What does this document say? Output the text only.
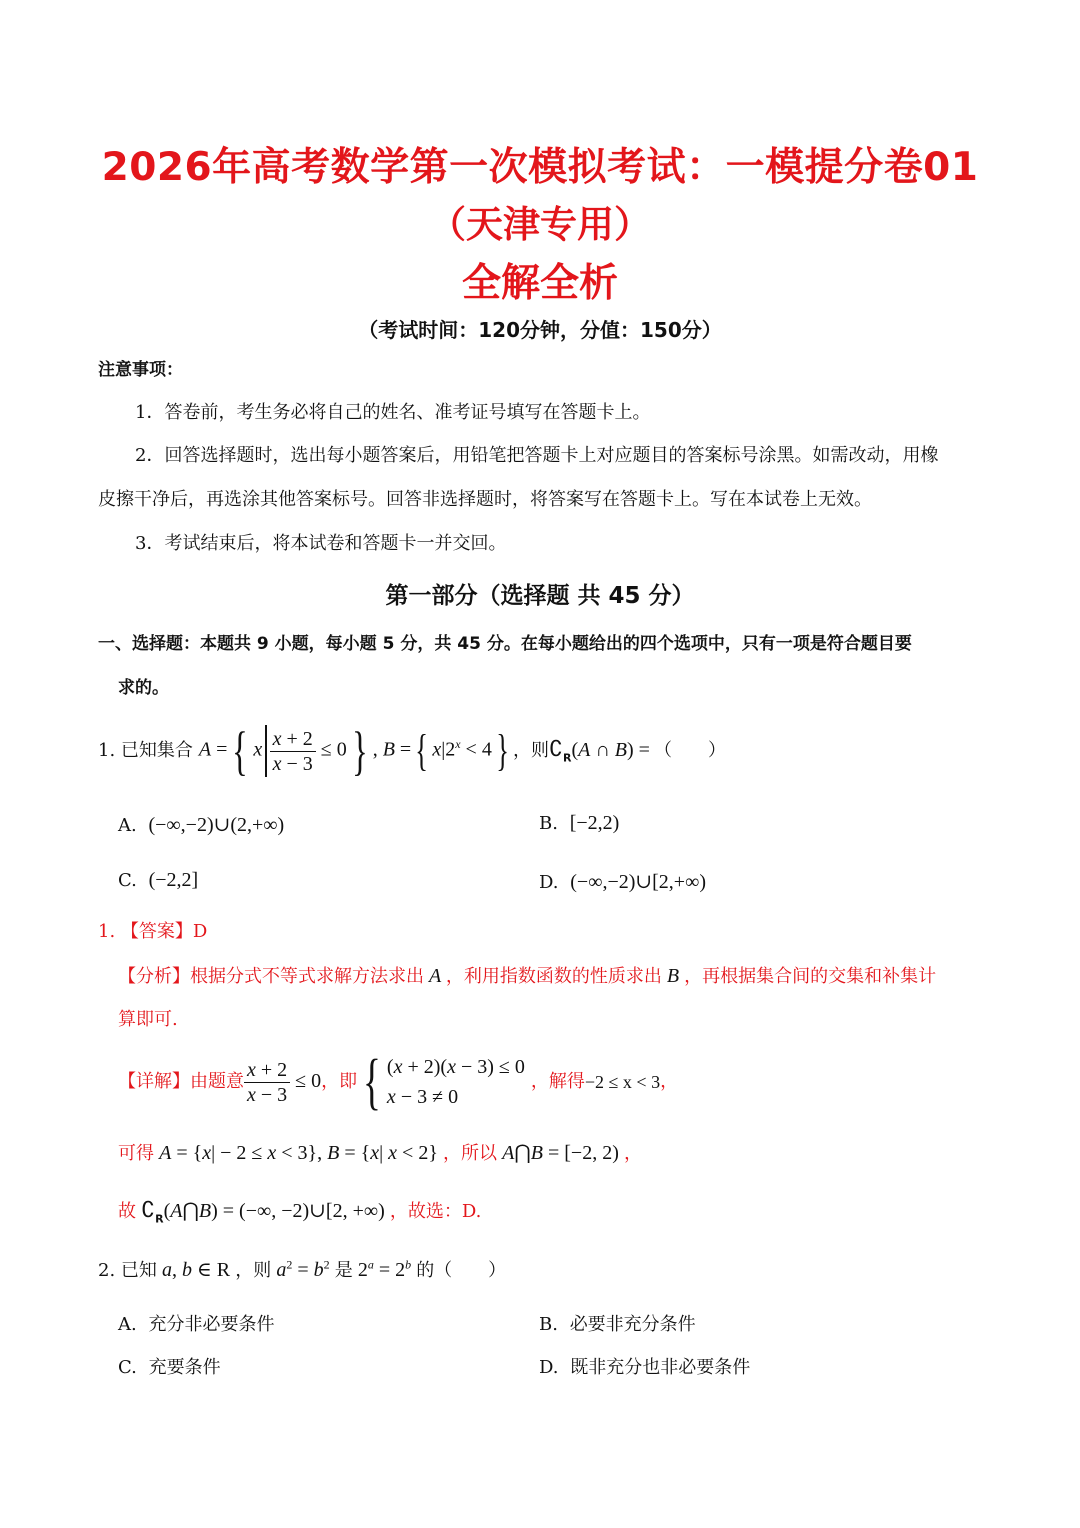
2026年高考数学第一次模拟考试：一模提分卷01
（天津专用）
全解全析
（考试时间：120分钟，分值：150分）
注意事项：
1．答卷前，考生务必将自己的姓名、准考证号填写在答题卡上。
2．回答选择题时，选出每小题答案后，用铅笔把答题卡上对应题目的答案标号涂黑。如需改动，用橡
皮擦干净后，再选涂其他答案标号。回答非选择题时，将答案写在答题卡上。写在本试卷上无效。
3．考试结束后，将本试卷和答题卡一并交回。
第一部分（选择题 共 45 分）
一、选择题：本题共 9 小题，每小题 5 分，共 45 分。在每小题给出的四个选项中，只有一项是符合题目要
求的。
1. 已知集合 A ={ x $\frac{x + 2}{x - 3} \le 0$} , B ={ $x|2^x < 4$} ，则 $∁_R(A$ ∩ B) = （　　）
A. (−∞,−2)∪(2,+∞)	B. [−2,2)
C. (−2,2]	D. (−∞,−2)∪[2,+∞)
1. 【答案】D
【分析】根据分式不等式求解方法求出 A ，利用指数函数的性质求出 B ，再根据集合间的交集和补集计
算即可.
【详解】 由题意 $\frac{x + 2}{x - 3} \le 0$ ，即 { (x + 2)(x − 3) ≤ 0
x − 3 ≠ 0
，解得 −2 ≤ x < 3 ，
可得 A = {x| − 2 ≤ x < 3}, B = {x| x < 2} ，所以 A⋂B = [−2, 2) ，
故 $∁_R(A⋂B)$ = (−∞, −2)∪[2, +∞) ，故选：D.
2. 已知 a, b ∈ R ，则 $a^2 = b^2$ 是 $2^a = 2^b$ 的（　　）
A. 充分非必要条件	B. 必要非充分条件
C. 充要条件	D. 既非充分也非必要条件
